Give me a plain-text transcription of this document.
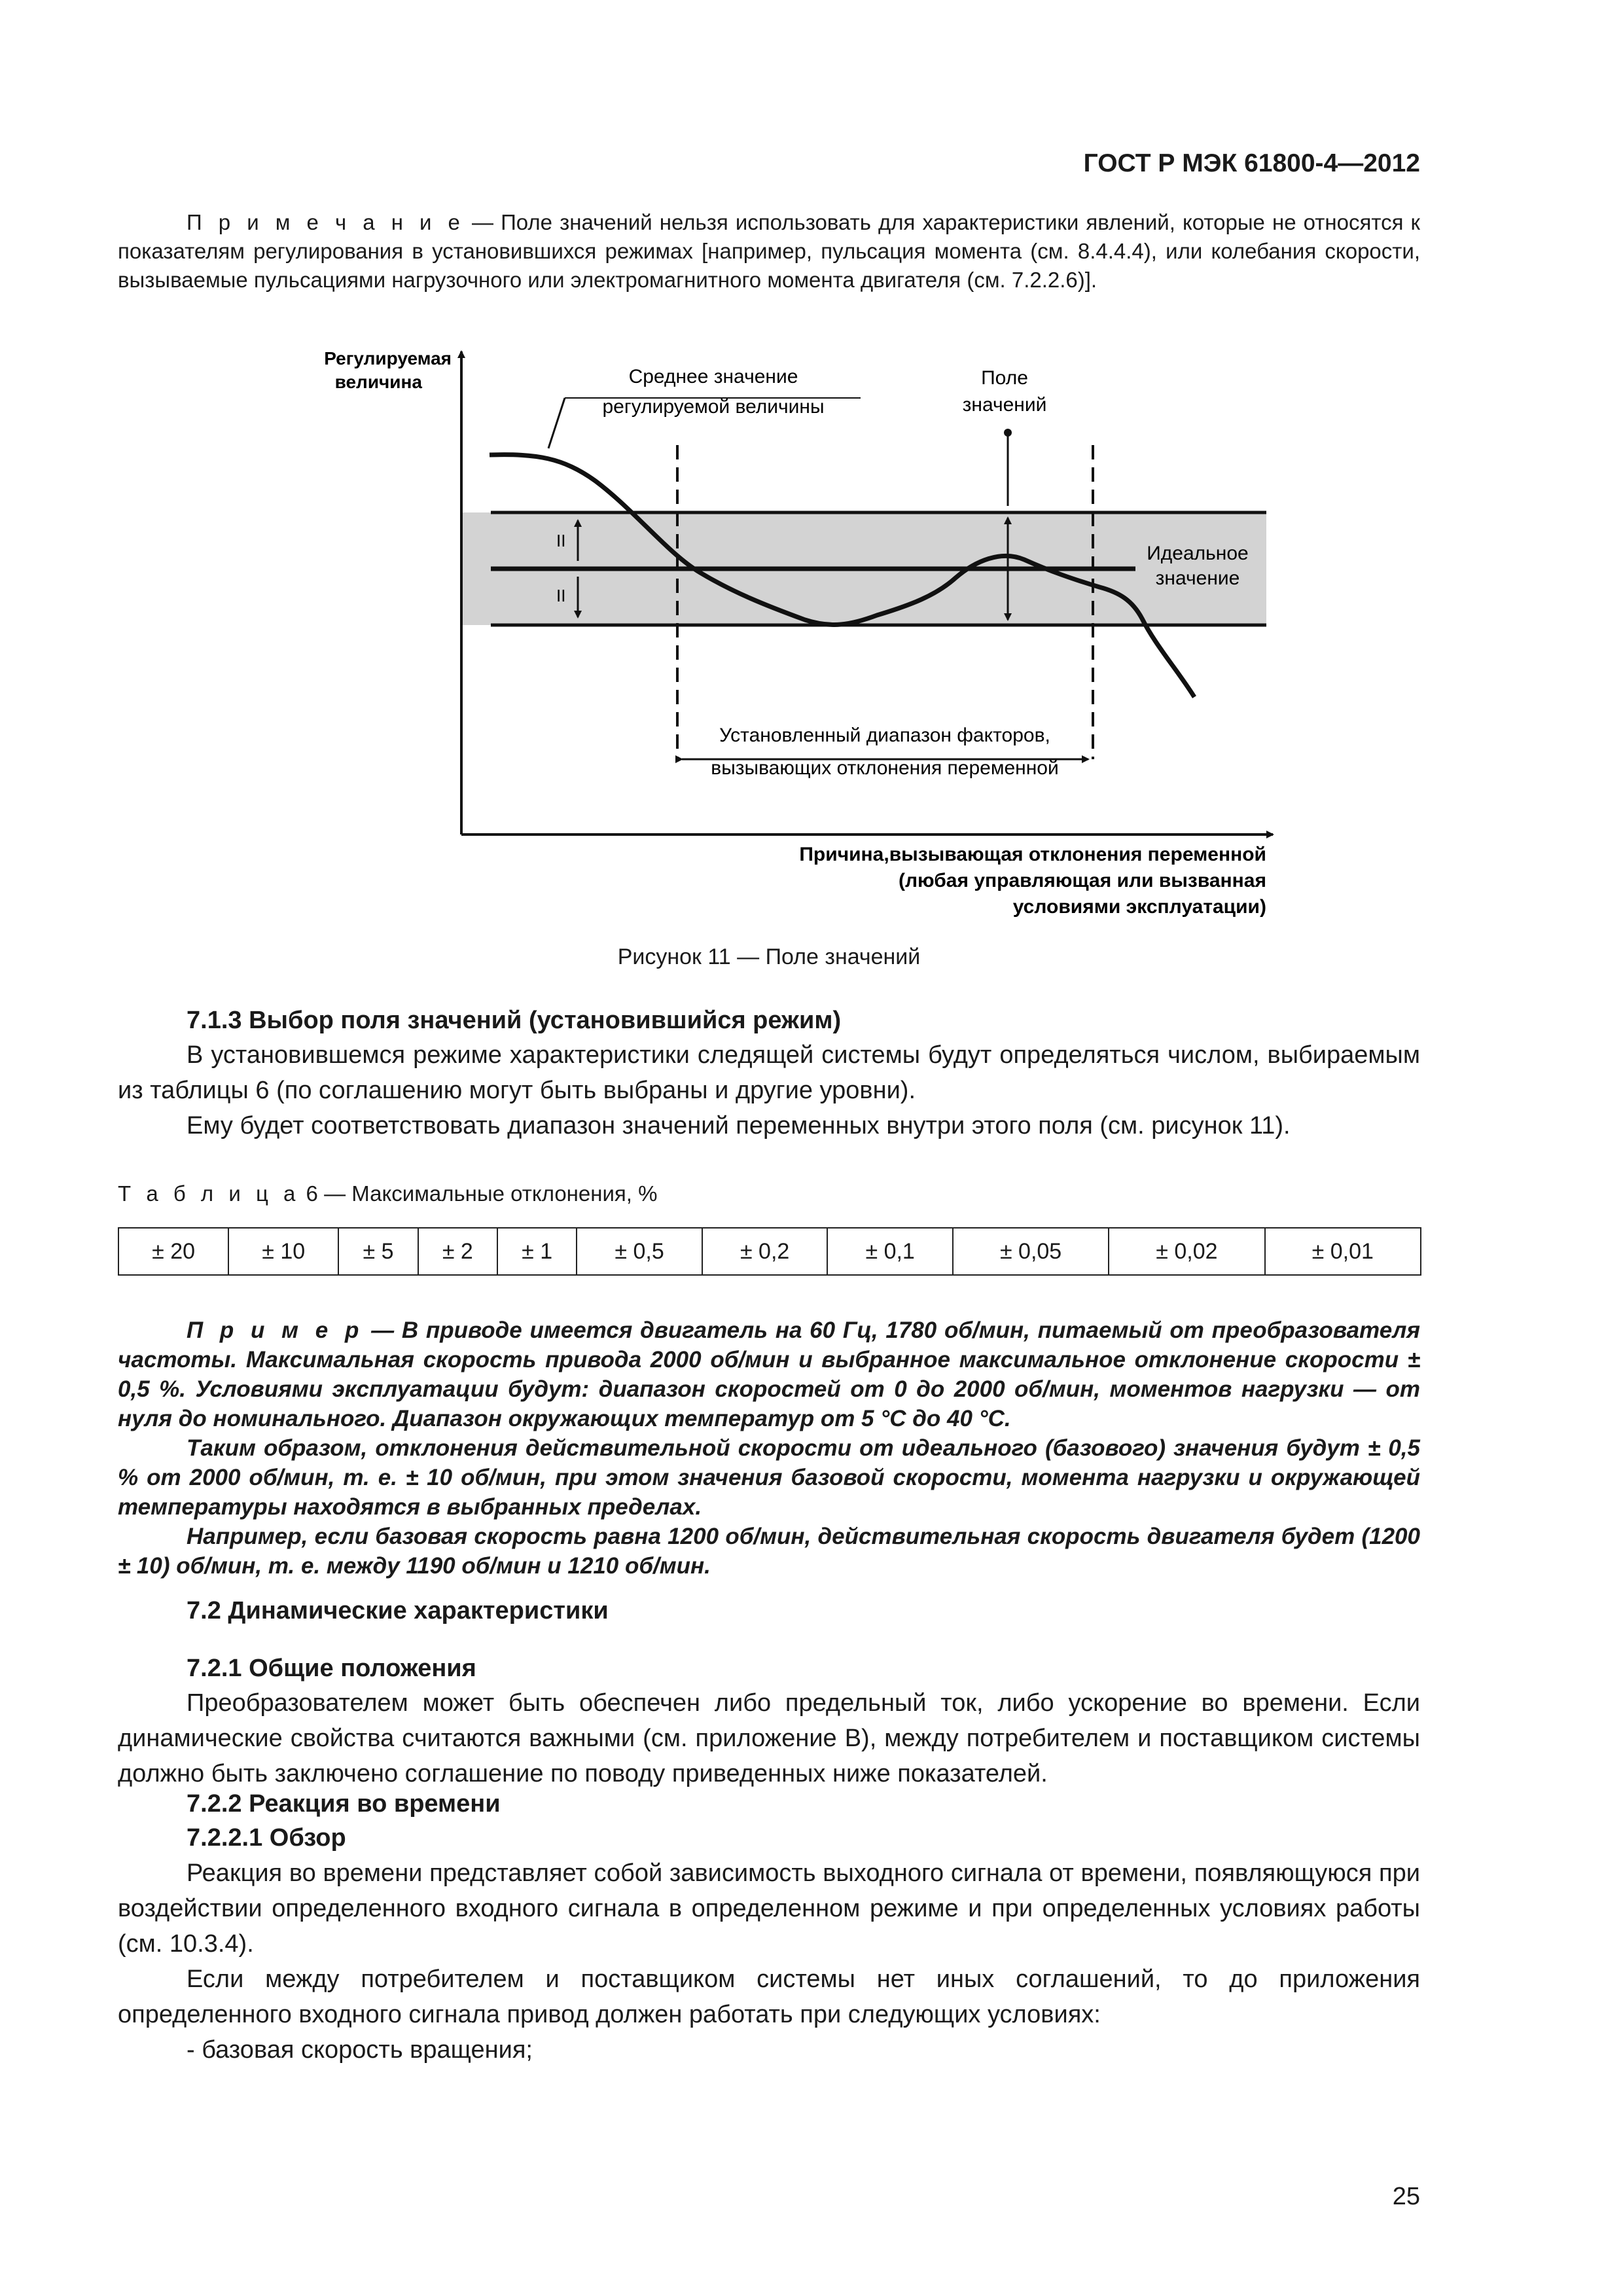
ГОСТ Р МЭК 61800-4—2012
П р и м е ч а н и е — Поле значений нельзя использовать для характеристики явлений, которые не относятся к показателям регулирования в установившихся режимах [например, пульсация момента (см. 8.4.4.4), или колебания скорости, вызываемые пульсациями нагрузочного или электромагнитного момента двигателя (см. 7.2.2.6)].
II
II
Регулируемая
величина	Среднее значение
регулируемой величины
Поле
значений
Идеальное
значение
Установленный диапазон факторов,
вызывающих отклонения переменной
Причина,вызывающая отклонения переменной
(любая управляющая или вызванная
условиями эксплуатации)
Рисунок 11 — Поле значений
7.1.3 Выбор поля значений (установившийся режим)

В установившемся режиме характеристики следящей системы будут определяться числом, выбираемым из таблицы 6 (по соглашению могут быть выбраны и другие уровни).

Ему будет соответствовать диапазон значений переменных внутри этого поля (см. рисунок 11).

Т а б л и ц а 6 — Максимальные отклонения, %
± 20	± 10	± 5	± 2	± 1	± 0,5	± 0,2	± 0,1	± 0,05	± 0,02	± 0,01

П р и м е р — В приводе имеется двигатель на 60 Гц, 1780 об/мин, питаемый от преобразователя частоты. Максимальная скорость привода 2000 об/мин и выбранное максимальное отклонение скорости ± 0,5 %. Условиями эксплуатации будут: диапазон скоростей от 0 до 2000 об/мин, моментов нагрузки — от нуля до номинального. Диапазон окружающих температур от 5 °С до 40 °С.

Таким образом, отклонения действительной скорости от идеального (базового) значения будут ± 0,5 % от 2000 об/мин, т. е. ± 10 об/мин, при этом значения базовой скорости, момента нагрузки и окружающей температуры находятся в выбранных пределах.

Например, если базовая скорость равна 1200 об/мин, действительная скорость двигателя будет (1200 ± 10) об/мин, т. е. между 1190 об/мин и 1210 об/мин.

7.2 Динамические характеристики
7.2.1 Общие положения

Преобразователем может быть обеспечен либо предельный ток, либо ускорение во времени. Если динамические свойства считаются важными (см. приложение В), между потребителем и поставщиком системы должно быть заключено соглашение по поводу приведенных ниже показателей.

7.2.2 Реакция во времени
7.2.2.1 Обзор

Реакция во времени представляет собой зависимость выходного сигнала от времени, появляющуюся при воздействии определенного входного сигнала в определенном режиме и при определенных условиях работы (см. 10.3.4).

Если между потребителем и поставщиком системы нет иных соглашений, то до приложения определенного входного сигнала привод должен работать при следующих условиях:

- базовая скорость вращения;

25
